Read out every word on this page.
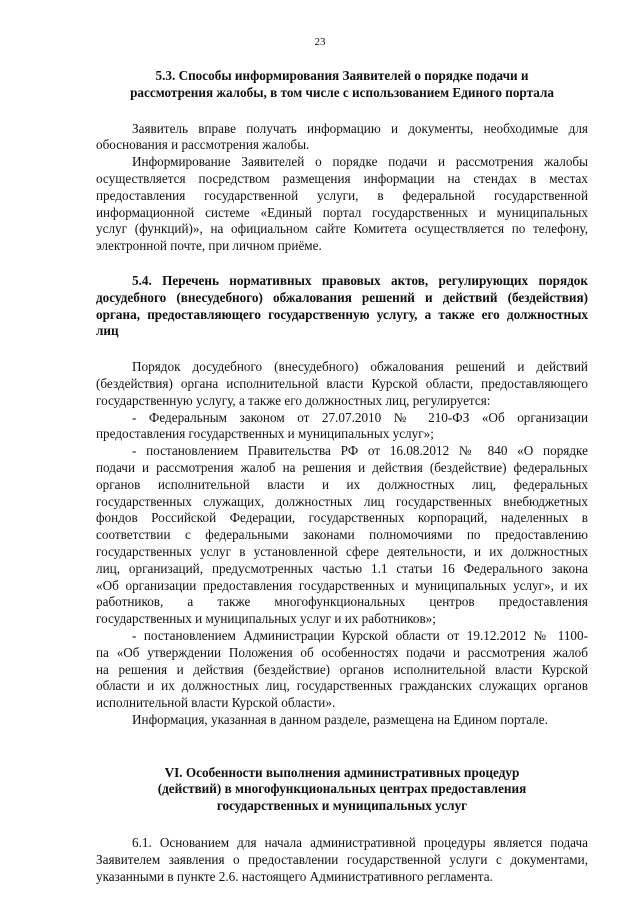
23
5.3. Способы информирования Заявителей о порядке подачи и
рассмотрения жалобы, в том числе с использованием Единого портала
Заявитель вправе получать информацию и документы, необходимые для
обоснования и рассмотрения жалобы.
Информирование Заявителей о порядке подачи и рассмотрения жалобы
осуществляется посредством размещения информации на стендах в местах
предоставления государственной услуги, в федеральной государственной
информационной системе «Единый портал государственных и муниципальных
услуг (функций)», на официальном сайте Комитета осуществляется по телефону,
электронной почте, при личном приёме.
5.4. Перечень нормативных правовых актов, регулирующих порядок
досудебного (внесудебного) обжалования решений и действий (бездействия)
органа, предоставляющего государственную услугу, а также его должностных
лиц
Порядок досудебного (внесудебного) обжалования решений и действий
(бездействия) органа исполнительной власти Курской области, предоставляющего
государственную услугу, а также его должностных лиц, регулируется:
- Федеральным законом от 27.07.2010 № 210-ФЗ «Об организации
предоставления государственных и муниципальных услуг»;
- постановлением Правительства РФ от 16.08.2012 № 840 «О порядке
подачи и рассмотрения жалоб на решения и действия (бездействие) федеральных
органов исполнительной власти и их должностных лиц, федеральных
государственных служащих, должностных лиц государственных внебюджетных
фондов Российской Федерации, государственных корпораций, наделенных в
соответствии с федеральными законами полномочиями по предоставлению
государственных услуг в установленной сфере деятельности, и их должностных
лиц, организаций, предусмотренных частью 1.1 статьи 16 Федерального закона
«Об организации предоставления государственных и муниципальных услуг», и их
работников, а также многофункциональных центров предоставления
государственных и муниципальных услуг и их работников»;
- постановлением Администрации Курской области от 19.12.2012 № 1100-
па «Об утверждении Положения об особенностях подачи и рассмотрения жалоб
на решения и действия (бездействие) органов исполнительной власти Курской
области и их должностных лиц, государственных гражданских служащих органов
исполнительной власти Курской области».
Информация, указанная в данном разделе, размещена на Едином портале.
VI. Особенности выполнения административных процедур
(действий) в многофункциональных центрах предоставления
государственных и муниципальных услуг
6.1. Основанием для начала административной процедуры является подача
Заявителем заявления о предоставлении государственной услуги с документами,
указанными в пункте 2.6. настоящего Административного регламента.
